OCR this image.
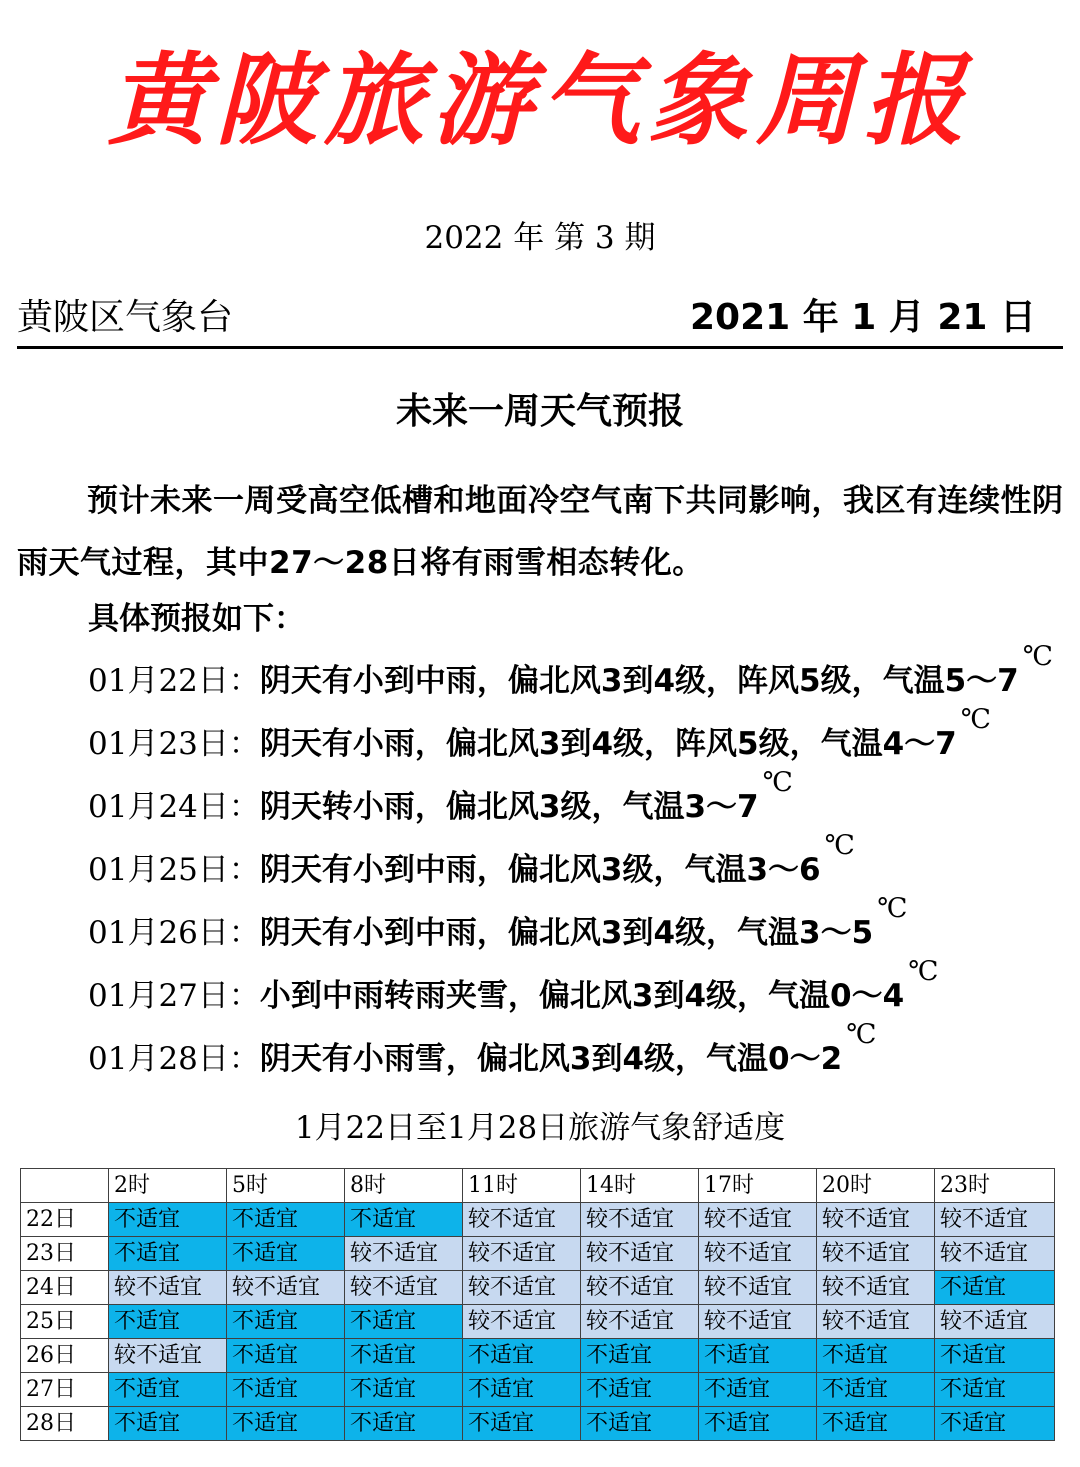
黄陂旅游气象周报
2022 年 第 3 期
黄陂区气象台	2021 年 1 月 21 日
未来一周天气预报
预计未来一周受高空低槽和地面冷空气南下共同影响，我区有连续性阴雨天气过程，其中27～28日将有雨雪相态转化。
具体预报如下：
01月22日：阴天有小到中雨，偏北风3到4级，阵风5级，气温5～7℃
01月23日：阴天有小雨，偏北风3到4级，阵风5级，气温4～7℃
01月24日：阴天转小雨，偏北风3级，气温3～7℃
01月25日：阴天有小到中雨，偏北风3级，气温3～6℃
01月26日：阴天有小到中雨，偏北风3到4级，气温3～5℃
01月27日：小到中雨转雨夹雪，偏北风3到4级，气温0～4℃
01月28日：阴天有小雨雪，偏北风3到4级，气温0～2℃
1月22日至1月28日旅游气象舒适度
	2时	5时	8时	11时	14时	17时	20时	23时
22日	不适宜	不适宜	不适宜	较不适宜	较不适宜	较不适宜	较不适宜	较不适宜
23日	不适宜	不适宜	较不适宜	较不适宜	较不适宜	较不适宜	较不适宜	较不适宜
24日	较不适宜	较不适宜	较不适宜	较不适宜	较不适宜	较不适宜	较不适宜	不适宜
25日	不适宜	不适宜	不适宜	较不适宜	较不适宜	较不适宜	较不适宜	较不适宜
26日	较不适宜	不适宜	不适宜	不适宜	不适宜	不适宜	不适宜	不适宜
27日	不适宜	不适宜	不适宜	不适宜	不适宜	不适宜	不适宜	不适宜
28日	不适宜	不适宜	不适宜	不适宜	不适宜	不适宜	不适宜	不适宜
